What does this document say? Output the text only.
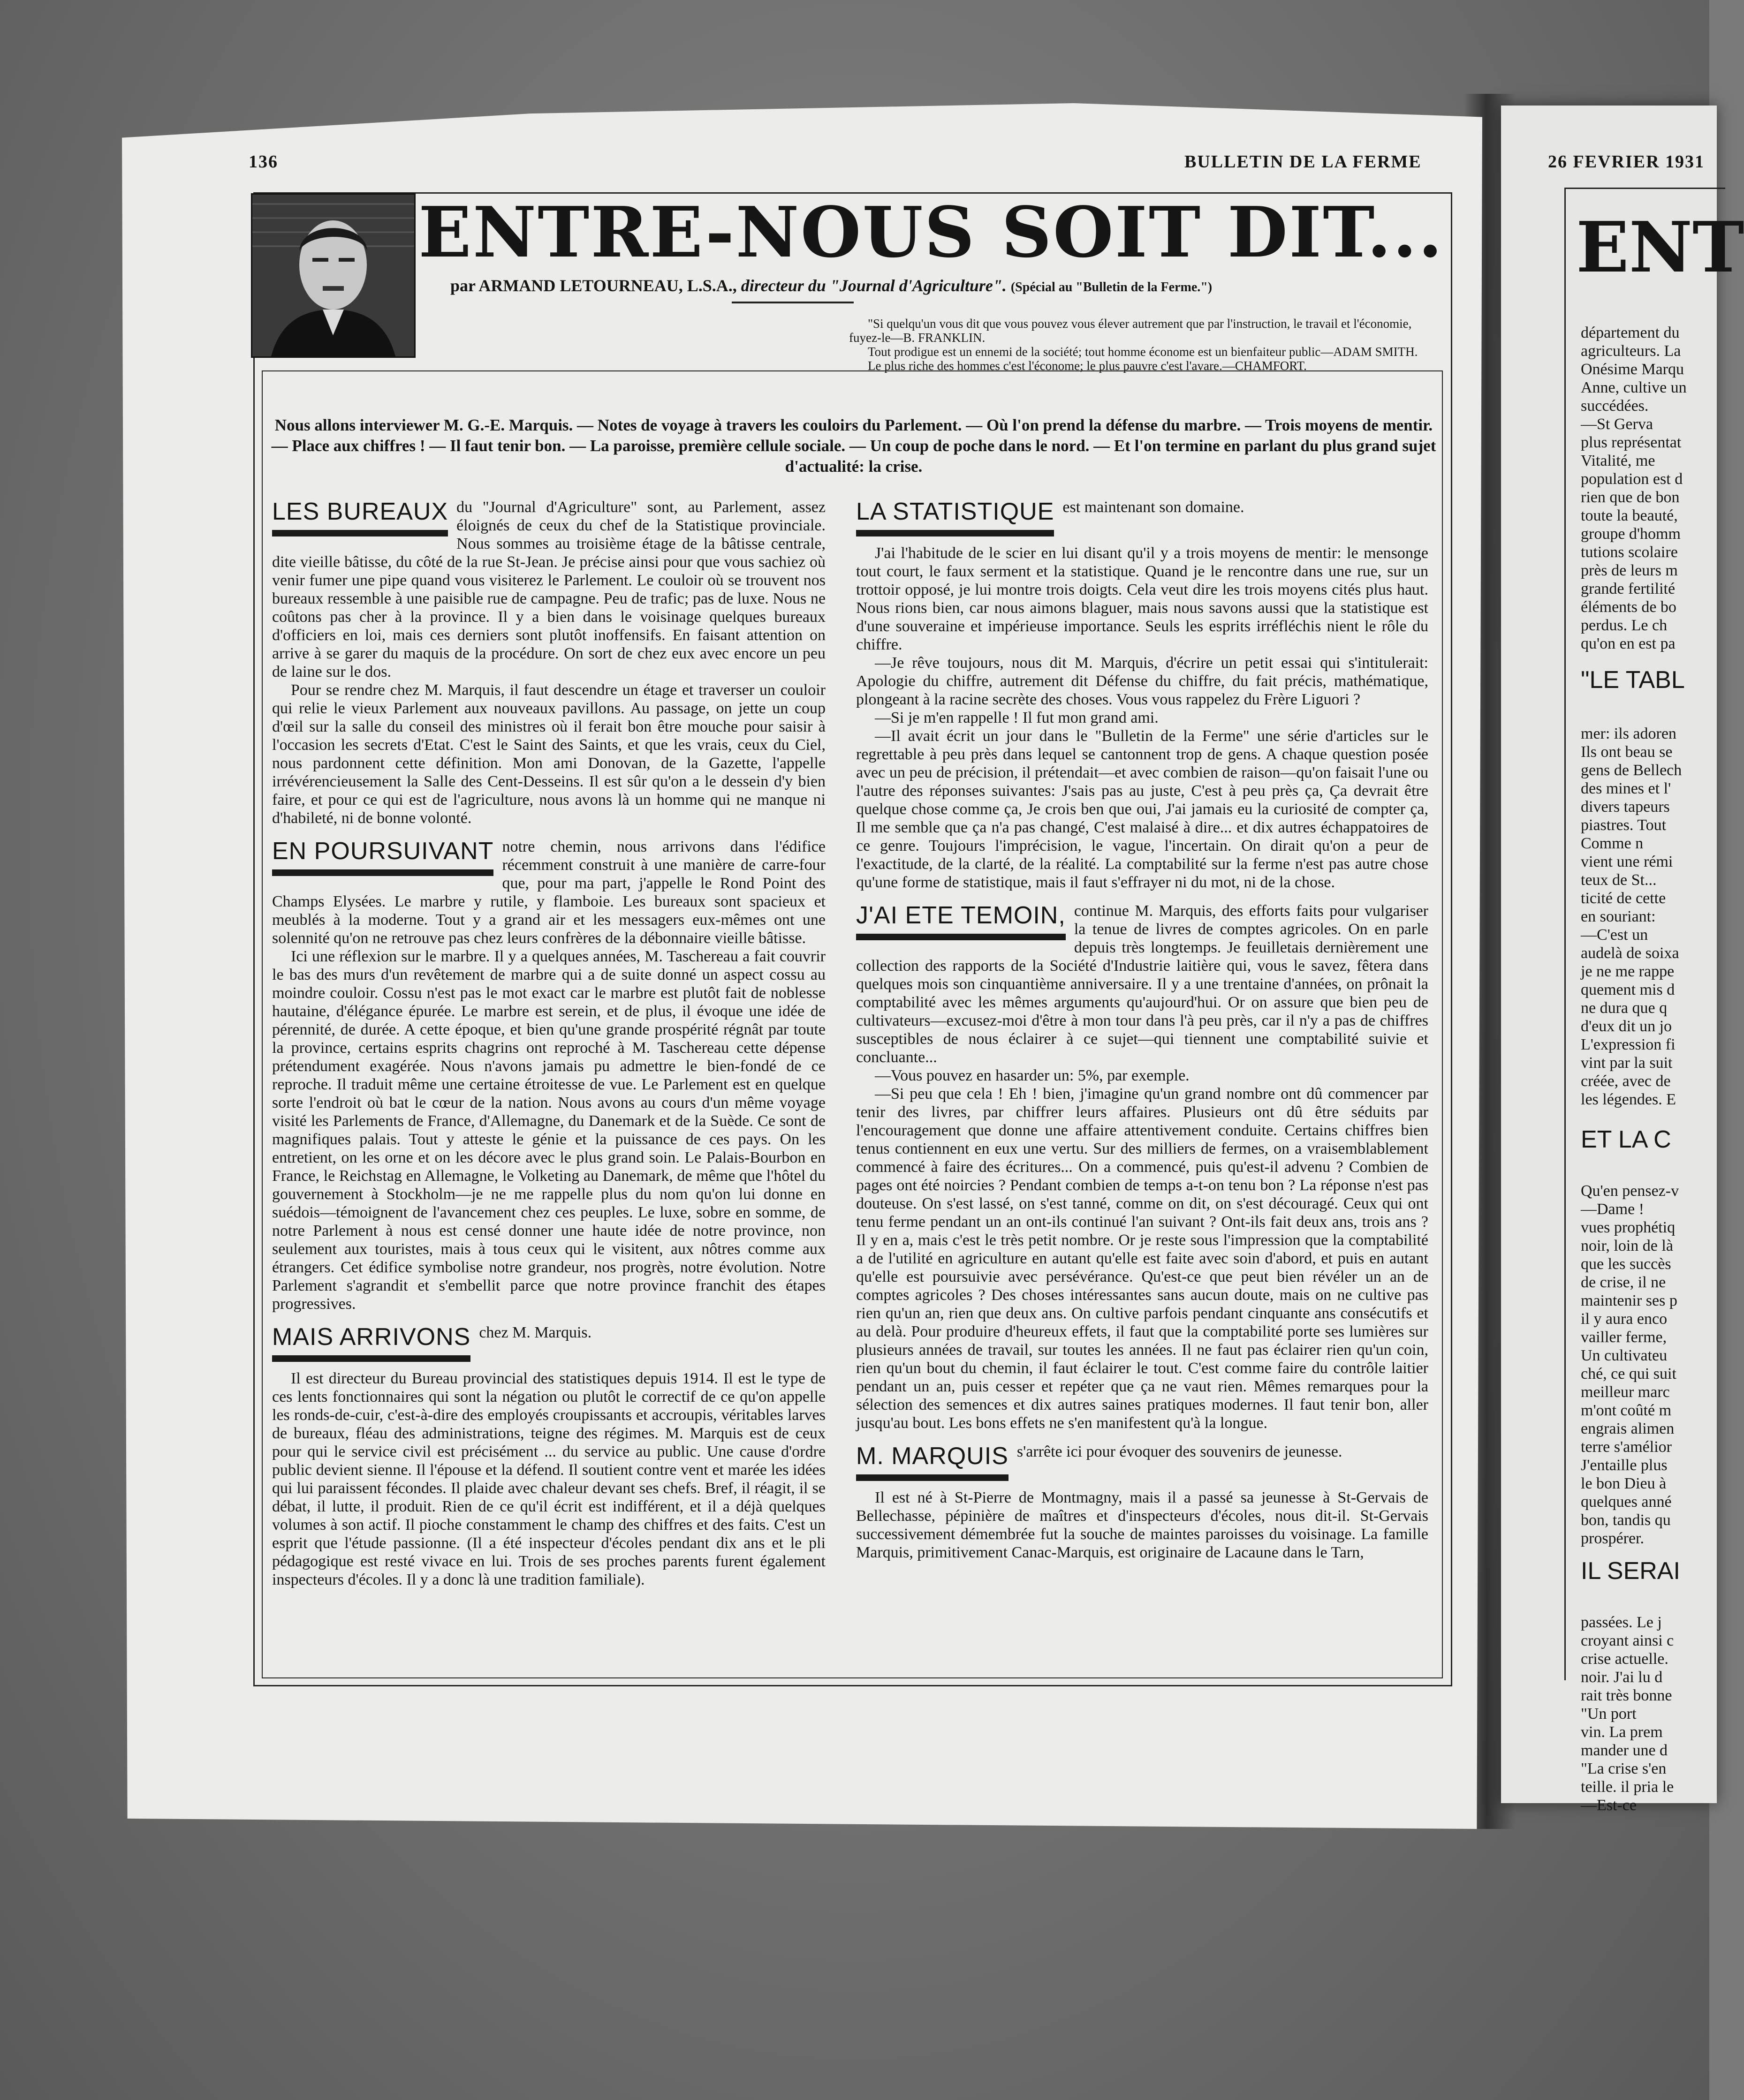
136	BULLETIN DE LA FERME	26 FEVRIER 1931
ENTRE-NOUS SOIT DIT...
par ARMAND LETOURNEAU, L.S.A., directeur du "Journal d'Agriculture". (Spécial au "Bulletin de la Ferme.")

"Si quelqu'un vous dit que vous pouvez vous élever autrement que par l'instruction, le travail et l'économie, fuyez-le—B. FRANKLIN.

Tout prodigue est un ennemi de la société; tout homme économe est un bienfaiteur public—ADAM SMITH.

Le plus riche des hommes c'est l'économe; le plus pauvre c'est l'avare.—CHAMFORT.

Nous allons interviewer M. G.-E. Marquis. — Notes de voyage à travers les couloirs du Parlement. — Où l'on prend la défense du marbre. — Trois moyens de mentir. — Place aux chiffres ! — Il faut tenir bon. — La paroisse, première cellule sociale. — Un coup de poche dans le nord. — Et l'on termine en parlant du plus grand sujet d'actualité: la crise.
LES BUREAUX du "Journal d'Agriculture" sont, au Parlement, assez éloignés de ceux du chef de la Statistique provinciale. Nous sommes au troisième étage de la bâtisse centrale, dite vieille bâtisse, du côté de la rue St-Jean. Je précise ainsi pour que vous sachiez où venir fumer une pipe quand vous visiterez le Parlement. Le couloir où se trouvent nos bureaux ressemble à une paisible rue de campagne. Peu de trafic; pas de luxe. Nous ne coûtons pas cher à la province. Il y a bien dans le voisinage quelques bureaux d'officiers en loi, mais ces derniers sont plutôt inoffensifs. En faisant attention on arrive à se garer du maquis de la procédure. On sort de chez eux avec encore un peu de laine sur le dos.

Pour se rendre chez M. Marquis, il faut descendre un étage et traverser un couloir qui relie le vieux Parlement aux nouveaux pavillons. Au passage, on jette un coup d'œil sur la salle du conseil des ministres où il ferait bon être mouche pour saisir à l'occasion les secrets d'Etat. C'est le Saint des Saints, et que les vrais, ceux du Ciel, nous pardonnent cette définition. Mon ami Donovan, de la Gazette, l'appelle irrévérencieusement la Salle des Cent-Desseins. Il est sûr qu'on a le dessein d'y bien faire, et pour ce qui est de l'agriculture, nous avons là un homme qui ne manque ni d'habileté, ni de bonne volonté.

EN POURSUIVANT notre chemin, nous arrivons dans l'édifice récemment construit à une manière de carre-four que, pour ma part, j'appelle le Rond Point des Champs Elysées. Le marbre y rutile, y flamboie. Les bureaux sont spacieux et meublés à la moderne. Tout y a grand air et les messagers eux-mêmes ont une solennité qu'on ne retrouve pas chez leurs confrères de la débonnaire vieille bâtisse.

Ici une réflexion sur le marbre. Il y a quelques années, M. Taschereau a fait couvrir le bas des murs d'un revêtement de marbre qui a de suite donné un aspect cossu au moindre couloir. Cossu n'est pas le mot exact car le marbre est plutôt fait de noblesse hautaine, d'élégance épurée. Le marbre est serein, et de plus, il évoque une idée de pérennité, de durée. A cette époque, et bien qu'une grande prospérité régnât par toute la province, certains esprits chagrins ont reproché à M. Taschereau cette dépense prétendument exagérée. Nous n'avons jamais pu admettre le bien-fondé de ce reproche. Il traduit même une certaine étroitesse de vue. Le Parlement est en quelque sorte l'endroit où bat le cœur de la nation. Nous avons au cours d'un même voyage visité les Parlements de France, d'Allemagne, du Danemark et de la Suède. Ce sont de magnifiques palais. Tout y atteste le génie et la puissance de ces pays. On les entretient, on les orne et on les décore avec le plus grand soin. Le Palais-Bourbon en France, le Reichstag en Allemagne, le Volketing au Danemark, de même que l'hôtel du gouvernement à Stockholm—je ne me rappelle plus du nom qu'on lui donne en suédois—témoignent de l'avancement chez ces peuples. Le luxe, sobre en somme, de notre Parlement à nous est censé donner une haute idée de notre province, non seulement aux touristes, mais à tous ceux qui le visitent, aux nôtres comme aux étrangers. Cet édifice symbolise notre grandeur, nos progrès, notre évolution. Notre Parlement s'agrandit et s'embellit parce que notre province franchit des étapes progressives.

MAIS ARRIVONS chez M. Marquis.

Il est directeur du Bureau provincial des statistiques depuis 1914. Il est le type de ces lents fonctionnaires qui sont la négation ou plutôt le correctif de ce qu'on appelle les ronds-de-cuir, c'est-à-dire des employés croupissants et accroupis, véritables larves de bureaux, fléau des administrations, teigne des régimes. M. Marquis est de ceux pour qui le service civil est précisément ... du service au public. Une cause d'ordre public devient sienne. Il l'épouse et la défend. Il soutient contre vent et marée les idées qui lui paraissent fécondes. Il plaide avec chaleur devant ses chefs. Bref, il réagit, il se débat, il lutte, il produit. Rien de ce qu'il écrit est indifférent, et il a déjà quelques volumes à son actif. Il pioche constamment le champ des chiffres et des faits. C'est un esprit que l'étude passionne. (Il a été inspecteur d'écoles pendant dix ans et le pli pédagogique est resté vivace en lui. Trois de ses proches parents furent également inspecteurs d'écoles. Il y a donc là une tradition familiale).

LA STATISTIQUE est maintenant son domaine.

J'ai l'habitude de le scier en lui disant qu'il y a trois moyens de mentir: le mensonge tout court, le faux serment et la statistique. Quand je le rencontre dans une rue, sur un trottoir opposé, je lui montre trois doigts. Cela veut dire les trois moyens cités plus haut. Nous rions bien, car nous aimons blaguer, mais nous savons aussi que la statistique est d'une souveraine et impérieuse importance. Seuls les esprits irréfléchis nient le rôle du chiffre.

—Je rêve toujours, nous dit M. Marquis, d'écrire un petit essai qui s'intitulerait: Apologie du chiffre, autrement dit Défense du chiffre, du fait précis, mathématique, plongeant à la racine secrète des choses. Vous vous rappelez du Frère Liguori ?

—Si je m'en rappelle ! Il fut mon grand ami.

—Il avait écrit un jour dans le "Bulletin de la Ferme" une série d'articles sur le regrettable à peu près dans lequel se cantonnent trop de gens. A chaque question posée avec un peu de précision, il prétendait—et avec combien de raison—qu'on faisait l'une ou l'autre des réponses suivantes: J'sais pas au juste, C'est à peu près ça, Ça devrait être quelque chose comme ça, Je crois ben que oui, J'ai jamais eu la curiosité de compter ça, Il me semble que ça n'a pas changé, C'est malaisé à dire... et dix autres échappatoires de ce genre. Toujours l'imprécision, le vague, l'incertain. On dirait qu'on a peur de l'exactitude, de la clarté, de la réalité. La comptabilité sur la ferme n'est pas autre chose qu'une forme de statistique, mais il faut s'effrayer ni du mot, ni de la chose.

J'AI ETE TEMOIN, continue M. Marquis, des efforts faits pour vulgariser la tenue de livres de comptes agricoles. On en parle depuis très longtemps. Je feuilletais dernièrement une collection des rapports de la Société d'Industrie laitière qui, vous le savez, fêtera dans quelques mois son cinquantième anniversaire. Il y a une trentaine d'années, on prônait la comptabilité avec les mêmes arguments qu'aujourd'hui. Or on assure que bien peu de cultivateurs—excusez-moi d'être à mon tour dans l'à peu près, car il n'y a pas de chiffres susceptibles de nous éclairer à ce sujet—qui tiennent une comptabilité suivie et concluante...

—Vous pouvez en hasarder un: 5%, par exemple.

—Si peu que cela ! Eh ! bien, j'imagine qu'un grand nombre ont dû commencer par tenir des livres, par chiffrer leurs affaires. Plusieurs ont dû être séduits par l'encouragement que donne une affaire attentivement conduite. Certains chiffres bien tenus contiennent en eux une vertu. Sur des milliers de fermes, on a vraisemblablement commencé à faire des écritures... On a commencé, puis qu'est-il advenu ? Combien de pages ont été noircies ? Pendant combien de temps a-t-on tenu bon ? La réponse n'est pas douteuse. On s'est lassé, on s'est tanné, comme on dit, on s'est découragé. Ceux qui ont tenu ferme pendant un an ont-ils continué l'an suivant ? Ont-ils fait deux ans, trois ans ? Il y en a, mais c'est le très petit nombre. Or je reste sous l'impression que la comptabilité a de l'utilité en agriculture en autant qu'elle est faite avec soin d'abord, et puis en autant qu'elle est poursuivie avec persévérance. Qu'est-ce que peut bien révéler un an de comptes agricoles ? Des choses intéressantes sans aucun doute, mais on ne cultive pas rien qu'un an, rien que deux ans. On cultive parfois pendant cinquante ans consécutifs et au delà. Pour produire d'heureux effets, il faut que la comptabilité porte ses lumières sur plusieurs années de travail, sur toutes les années. Il ne faut pas éclairer rien qu'un coin, rien qu'un bout du chemin, il faut éclairer le tout. C'est comme faire du contrôle laitier pendant un an, puis cesser et repéter que ça ne vaut rien. Mêmes remarques pour la sélection des semences et dix autres saines pratiques modernes. Il faut tenir bon, aller jusqu'au bout. Les bons effets ne s'en manifestent qu'à la longue.

M. MARQUIS s'arrête ici pour évoquer des souvenirs de jeunesse.

Il est né à St-Pierre de Montmagny, mais il a passé sa jeunesse à St-Gervais de Bellechasse, pépinière de maîtres et d'inspecteurs d'écoles, nous dit-il. St-Gervais successivement démembrée fut la souche de maintes paroisses du voisinage. La famille Marquis, primitivement Canac-Marquis, est originaire de Lacaune dans le Tarn,

ENT
département du
agriculteurs. La
Onésime Marqu
Anne, cultive un
succédées.
—St Gerva
plus représentat
Vitalité, me
population est d
rien que de bon
toute la beauté,
groupe d'homm
tutions scolaire
près de leurs m
grande fertilité
éléments de bo
perdus. Le ch
qu'on en est pa
"LE TABL
mer: ils adoren
Ils ont beau se
gens de Bellech
des mines et l'
divers tapeurs
piastres. Tout
Comme n
vient une rémi
teux de St...
ticité de cette
en souriant:
—C'est un
audelà de soixa
je ne me rappe
quement mis d
ne dura que q
d'eux dit un jo
L'expression fi
vint par la suit
créée, avec de
les légendes. E
ET LA C
Qu'en pensez-v
—Dame !
vues prophétiq
noir, loin de là
que les succès
de crise, il ne
maintenir ses p
il y aura enco
vailler ferme,
Un cultivateu
ché, ce qui suit
meilleur marc
m'ont coûté m
engrais alimen
terre s'amélior
J'entaille plus
le bon Dieu à
quelques anné
bon, tandis qu
prospérer.
IL SERAI
passées. Le j
croyant ainsi c
crise actuelle.
noir. J'ai lu d
rait très bonne
"Un port
vin. La prem
mander une d
"La crise s'en
teille. il pria le
—Est-ce
